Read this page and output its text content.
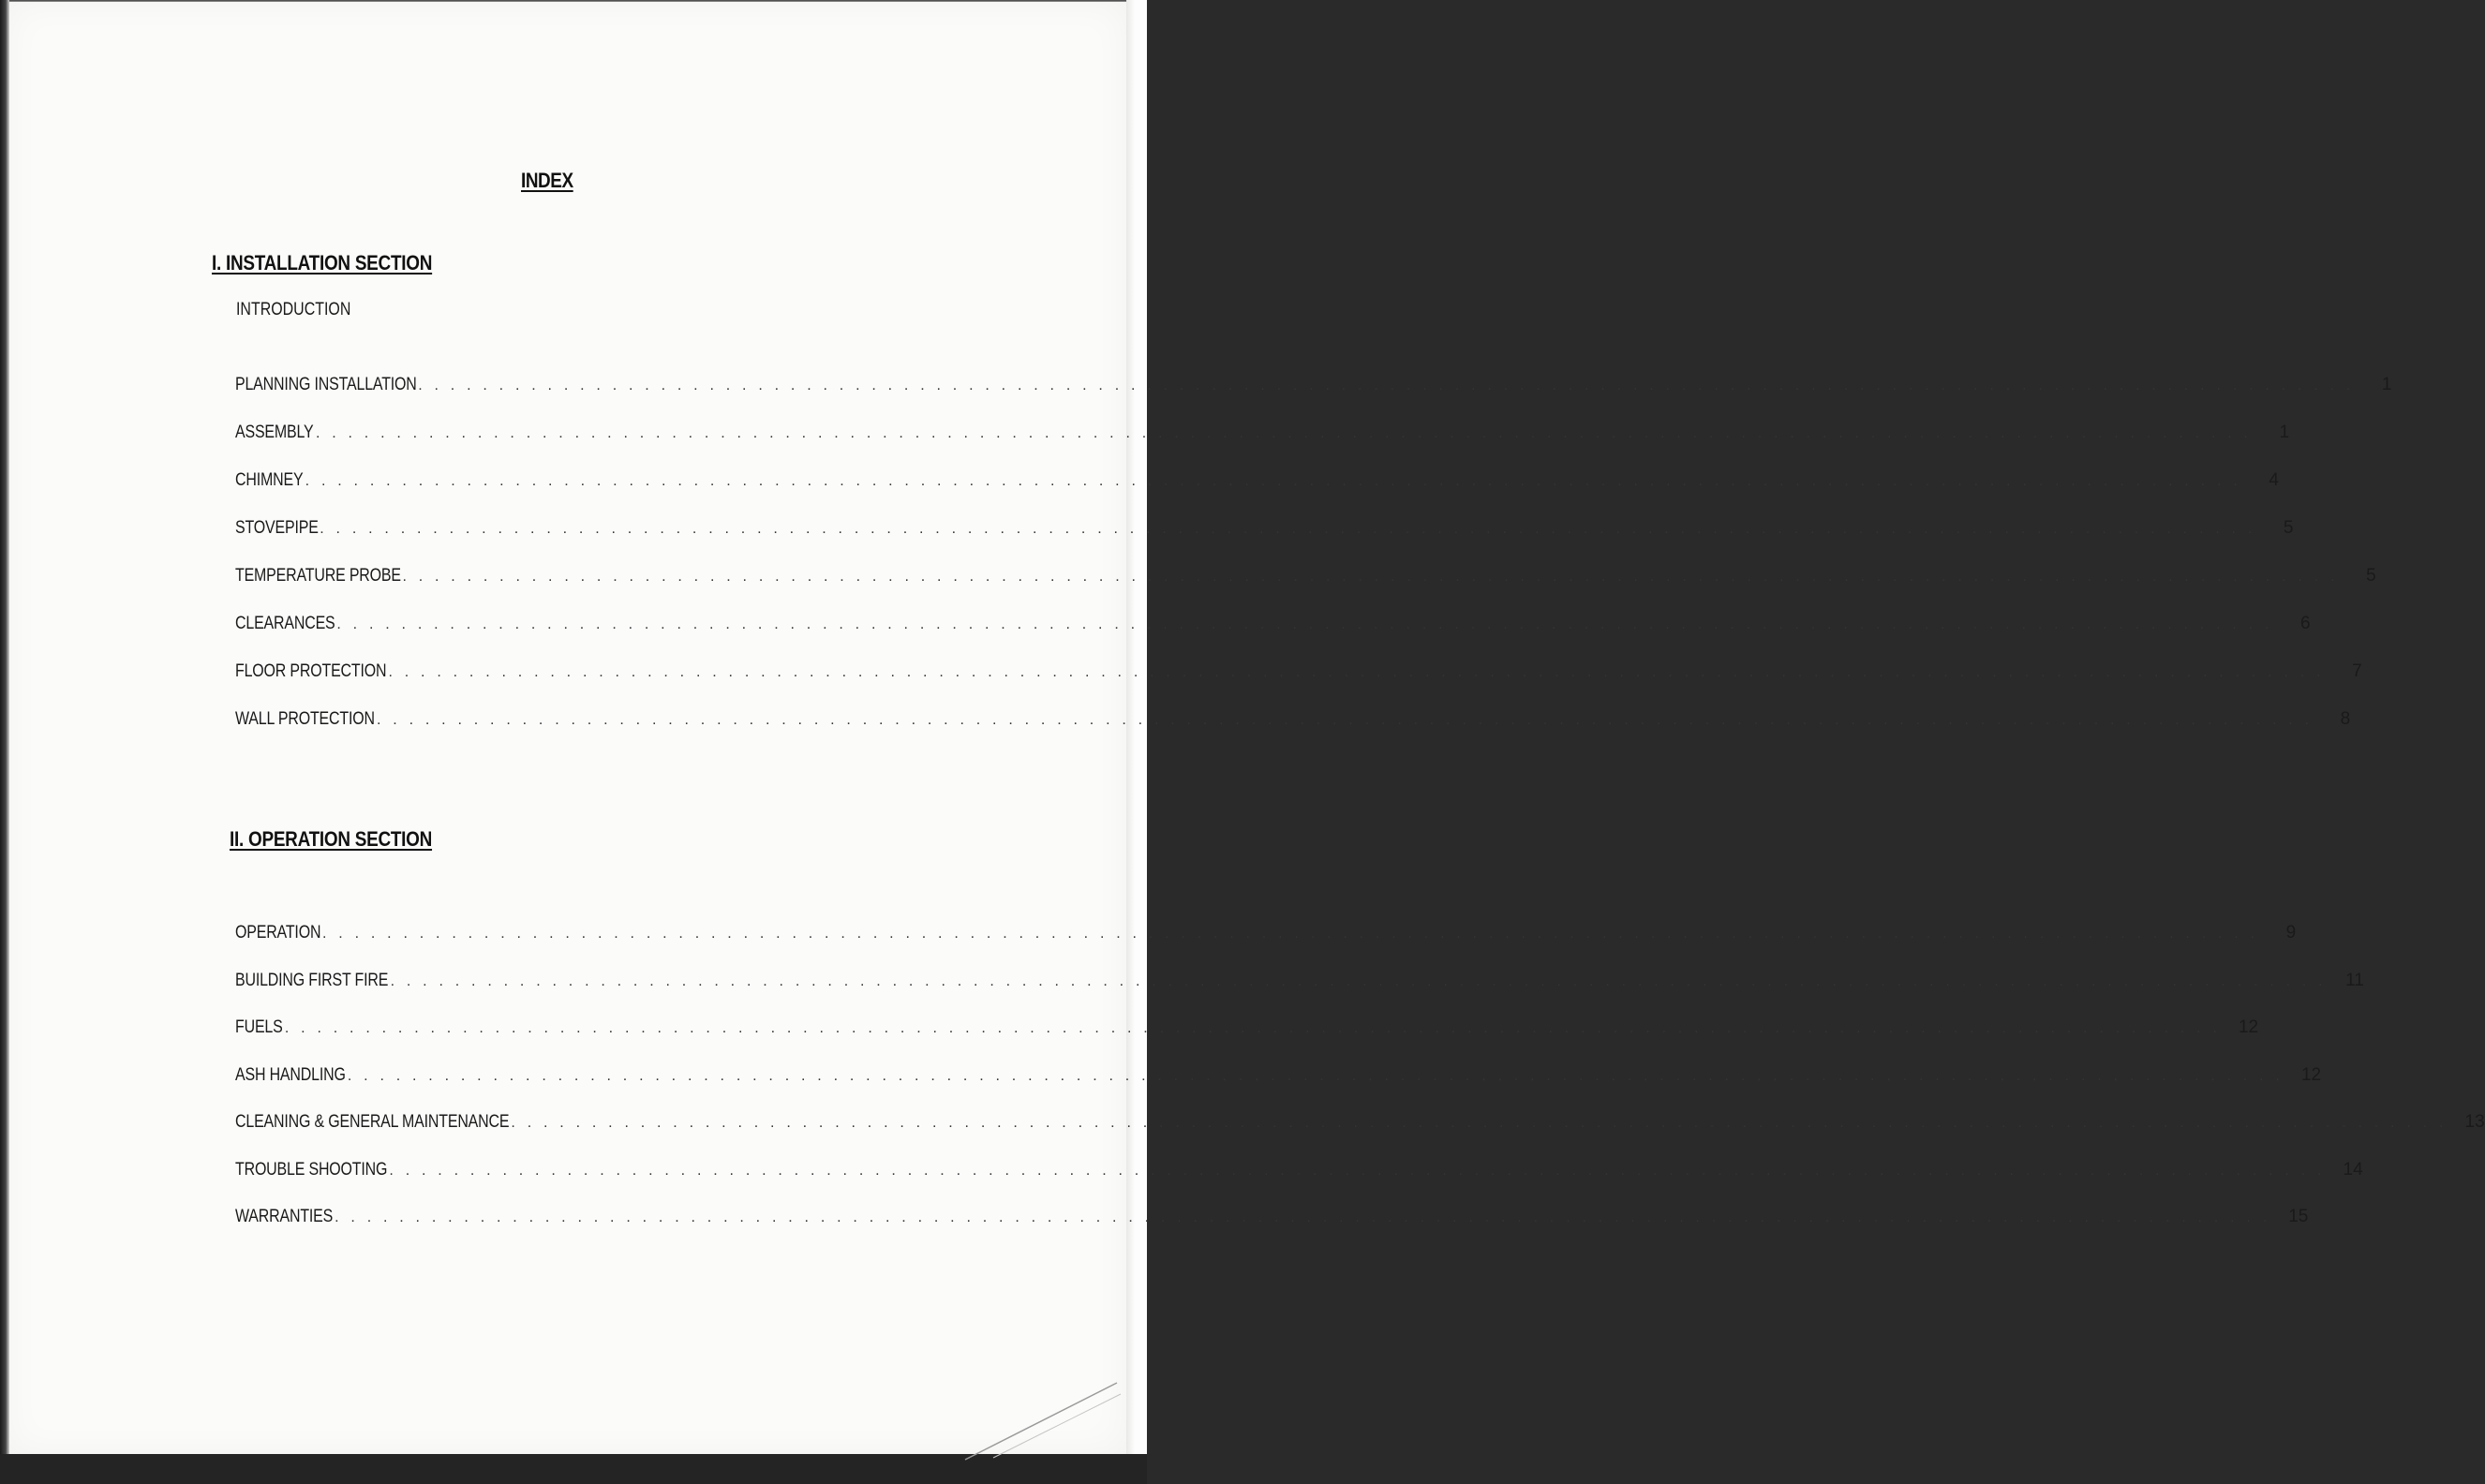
INDEX
I. INSTALLATION SECTION
INTRODUCTION
PLANNING INSTALLATION . . . . . . . . . . . . . . . . . . . . . . . . . . . . . . . . . . . . . . . . . . . . . . . . . . . . . . . . . . . . . . . . . . . . . . . . . . . . . . . . . . . . . . . . . . . . . . . . . . . . . . . . . . . . . . . . . . . . . . . .	1
ASSEMBLY . . . . . . . . . . . . . . . . . . . . . . . . . . . . . . . . . . . . . . . . . . . . . . . . . . . . . . . . . . . . . . . . . . . . . . . . . . . . . . . . . . . . . . . . . . . . . . . . . . . . . . . . . . . . . . . . . . . . . . . .	1
CHIMNEY . . . . . . . . . . . . . . . . . . . . . . . . . . . . . . . . . . . . . . . . . . . . . . . . . . . . . . . . . . . . . . . . . . . . . . . . . . . . . . . . . . . . . . . . . . . . . . . . . . . . . . . . . . . . . . . . . . . . . . . .	4
STOVEPIPE . . . . . . . . . . . . . . . . . . . . . . . . . . . . . . . . . . . . . . . . . . . . . . . . . . . . . . . . . . . . . . . . . . . . . . . . . . . . . . . . . . . . . . . . . . . . . . . . . . . . . . . . . . . . . . . . . . . . . . . .	5
TEMPERATURE PROBE . . . . . . . . . . . . . . . . . . . . . . . . . . . . . . . . . . . . . . . . . . . . . . . . . . . . . . . . . . . . . . . . . . . . . . . . . . . . . . . . . . . . . . . . . . . . . . . . . . . . . . . . . . . . . . . . . . . . . . . .	5
CLEARANCES . . . . . . . . . . . . . . . . . . . . . . . . . . . . . . . . . . . . . . . . . . . . . . . . . . . . . . . . . . . . . . . . . . . . . . . . . . . . . . . . . . . . . . . . . . . . . . . . . . . . . . . . . . . . . . . . . . . . . . . .	6
FLOOR PROTECTION . . . . . . . . . . . . . . . . . . . . . . . . . . . . . . . . . . . . . . . . . . . . . . . . . . . . . . . . . . . . . . . . . . . . . . . . . . . . . . . . . . . . . . . . . . . . . . . . . . . . . . . . . . . . . . . . . . . . . . . .	7
WALL PROTECTION . . . . . . . . . . . . . . . . . . . . . . . . . . . . . . . . . . . . . . . . . . . . . . . . . . . . . . . . . . . . . . . . . . . . . . . . . . . . . . . . . . . . . . . . . . . . . . . . . . . . . . . . . . . . . . . . . . . . . . . .	8
II. OPERATION SECTION
OPERATION . . . . . . . . . . . . . . . . . . . . . . . . . . . . . . . . . . . . . . . . . . . . . . . . . . . . . . . . . . . . . . . . . . . . . . . . . . . . . . . . . . . . . . . . . . . . . . . . . . . . . . . . . . . . . . . . . . . . . . . .	9
BUILDING FIRST FIRE . . . . . . . . . . . . . . . . . . . . . . . . . . . . . . . . . . . . . . . . . . . . . . . . . . . . . . . . . . . . . . . . . . . . . . . . . . . . . . . . . . . . . . . . . . . . . . . . . . . . . . . . . . . . . . . . . . . . . . . .	11
FUELS . . . . . . . . . . . . . . . . . . . . . . . . . . . . . . . . . . . . . . . . . . . . . . . . . . . . . . . . . . . . . . . . . . . . . . . . . . . . . . . . . . . . . . . . . . . . . . . . . . . . . . . . . . . . . . . . . . . . . . . . 12
ASH HANDLING . . . . . . . . . . . . . . . . . . . . . . . . . . . . . . . . . . . . . . . . . . . . . . . . . . . . . . . . . . . . . . . . . . . . . . . . . . . . . . . . . . . . . . . . . . . . . . . . . . . . . . . . . . . . . . . . . . . . . . . . 12
CLEANING & GENERAL MAINTENANCE . . . . . . . . . . . . . . . . . . . . . . . . . . . . . . . . . . . . . . . . . . . . . . . . . . . . . . . . . . . . . . . . . . . . . . . . . . . . . . . . . . . . . . . . . . . . . . . . . . . . . . . . . . . . . . . . . . . . . . . . 13
TROUBLE SHOOTING . . . . . . . . . . . . . . . . . . . . . . . . . . . . . . . . . . . . . . . . . . . . . . . . . . . . . . . . . . . . . . . . . . . . . . . . . . . . . . . . . . . . . . . . . . . . . . . . . . . . . . . . . . . . . . . . . . . . . . . . 14
WARRANTIES . . . . . . . . . . . . . . . . . . . . . . . . . . . . . . . . . . . . . . . . . . . . . . . . . . . . . . . . . . . . . . . . . . . . . . . . . . . . . . . . . . . . . . . . . . . . . . . . . . . . . . . . . . . . . . . . . . . . . . . . 15
